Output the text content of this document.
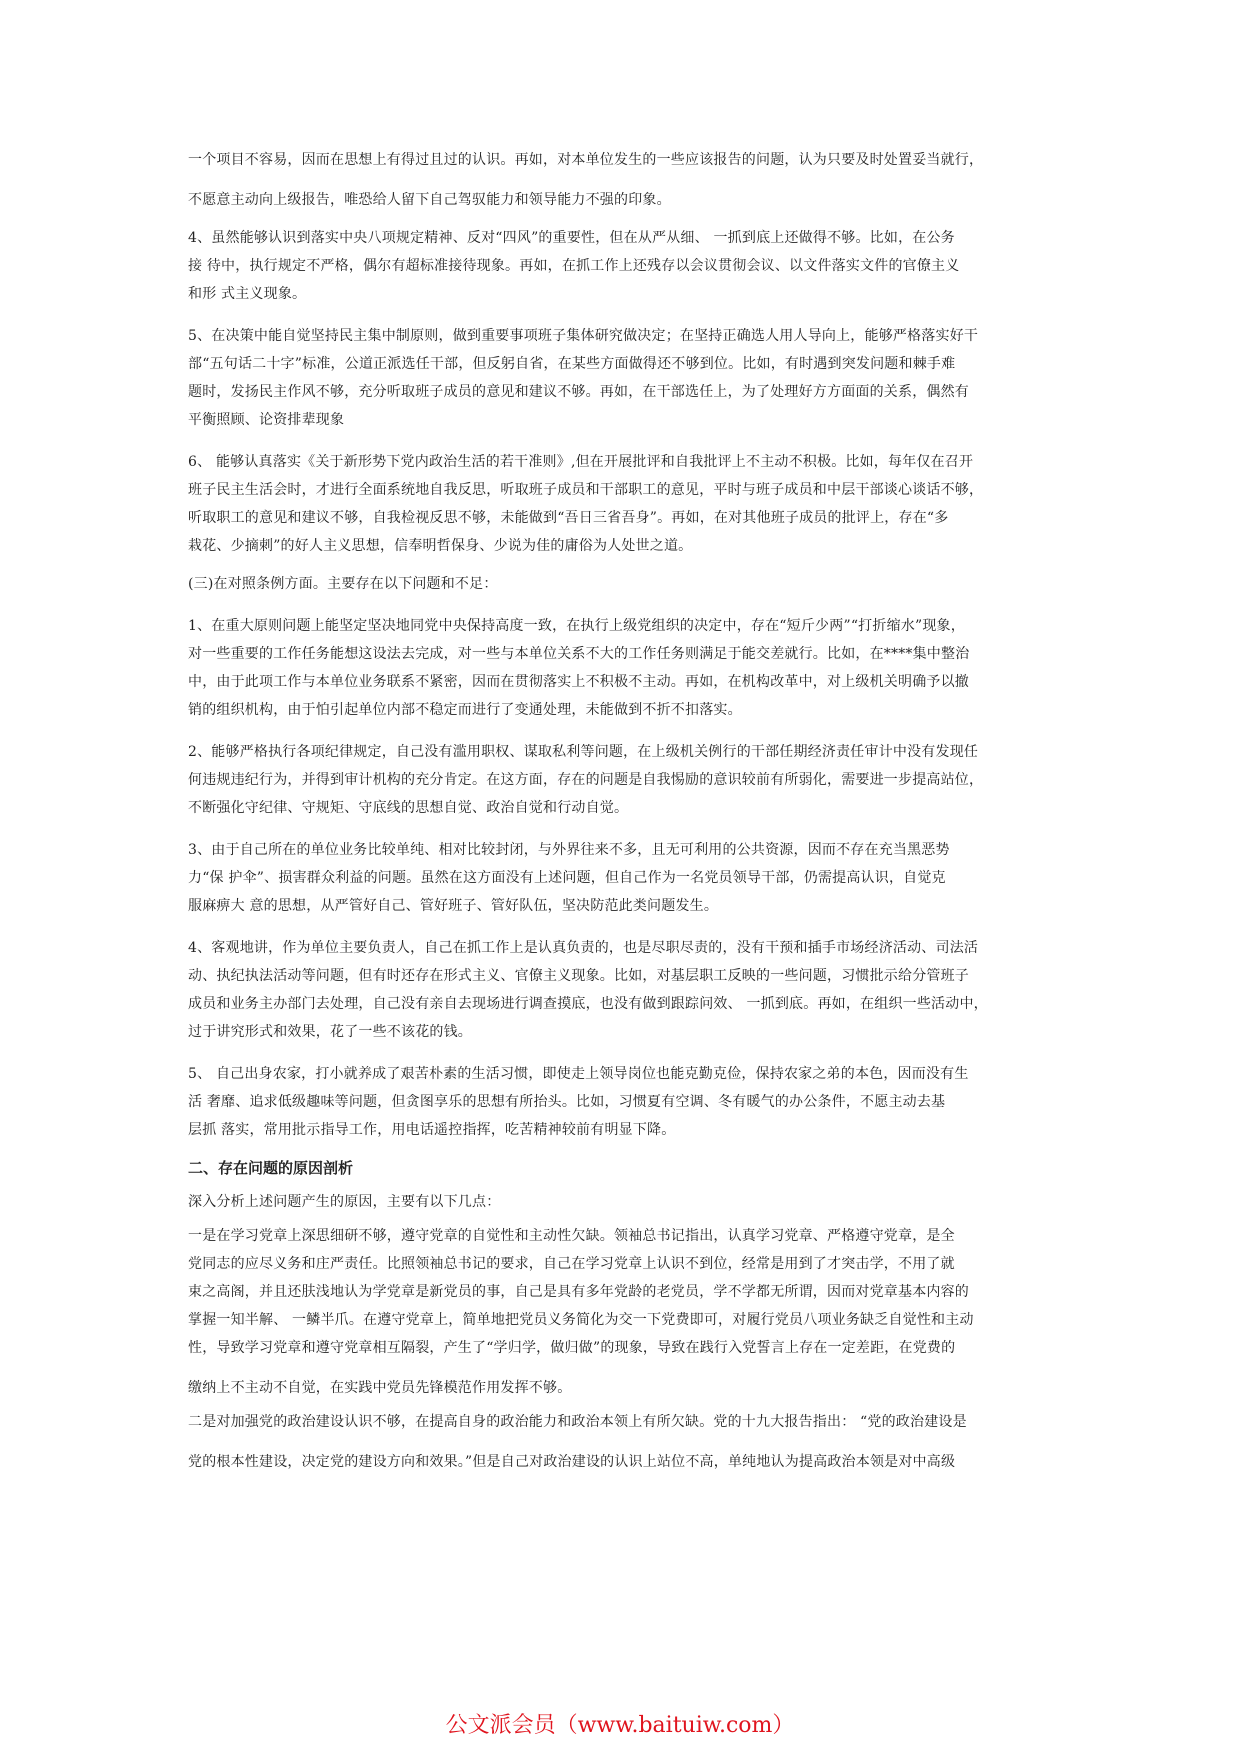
一个项目不容易，因而在思想上有得过且过的认识。再如，对本单位发生的一些应该报告的问题，认为只要及时处置妥当就行，
不愿意主动向上级报告，唯恐给人留下自己驾驭能力和领导能力不强的印象。
4、虽然能够认识到落实中央八项规定精神、反对“四风”的重要性，但在从严从细、 一抓到底上还做得不够。比如，在公务
接 待中，执行规定不严格，偶尔有超标准接待现象。再如，在抓工作上还残存以会议贯彻会议、以文件落实文件的官僚主义
和形 式主义现象。
5、在决策中能自觉坚持民主集中制原则，做到重要事项班子集体研究做决定；在坚持正确选人用人导向上，能够严格落实好干
部“五句话二十字”标准，公道正派选任干部，但反躬自省，在某些方面做得还不够到位。比如，有时遇到突发问题和棘手难
题时，发扬民主作风不够，充分听取班子成员的意见和建议不够。再如，在干部选任上，为了处理好方方面面的关系，偶然有
平衡照顾、论资排辈现象
6、 能够认真落实《关于新形势下党内政治生活的若干准则》,但在开展批评和自我批评上不主动不积极。比如，每年仅在召开
班子民主生活会时，才进行全面系统地自我反思，听取班子成员和干部职工的意见，平时与班子成员和中层干部谈心谈话不够，
听取职工的意见和建议不够，自我检视反思不够，未能做到“吾日三省吾身”。再如，在对其他班子成员的批评上，存在“多
栽花、少摘刺”的好人主义思想，信奉明哲保身、少说为佳的庸俗为人处世之道。
(三)在对照条例方面。主要存在以下问题和不足：
1、在重大原则问题上能坚定坚决地同党中央保持高度一致，在执行上级党组织的决定中，存在“短斤少两”“打折缩水”现象，
对一些重要的工作任务能想这设法去完成，对一些与本单位关系不大的工作任务则满足于能交差就行。比如，在****集中整治
中，由于此项工作与本单位业务联系不紧密，因而在贯彻落实上不积极不主动。再如，在机构改革中，对上级机关明确予以撤
销的组织机构，由于怕引起单位内部不稳定而进行了变通处理，未能做到不折不扣落实。
2、能够严格执行各项纪律规定，自己没有滥用职权、谋取私利等问题，在上级机关例行的干部任期经济责任审计中没有发现任
何违规违纪行为，并得到审计机构的充分肯定。在这方面，存在的问题是自我惕励的意识较前有所弱化，需要进一步提高站位，
不断强化守纪律、守规矩、守底线的思想自觉、政治自觉和行动自觉。
3、由于自己所在的单位业务比较单纯、相对比较封闭，与外界往来不多，且无可利用的公共资源，因而不存在充当黑恶势
力“保 护伞”、损害群众利益的问题。虽然在这方面没有上述问题，但自己作为一名党员领导干部，仍需提高认识，自觉克
服麻痹大 意的思想，从严管好自己、管好班子、管好队伍，坚决防范此类问题发生。
4、客观地讲，作为单位主要负责人，自己在抓工作上是认真负责的，也是尽职尽责的，没有干预和插手市场经济活动、司法活
动、执纪执法活动等问题，但有时还存在形式主义、官僚主义现象。比如，对基层职工反映的一些问题，习惯批示给分管班子
成员和业务主办部门去处理，自己没有亲自去现场进行调查摸底，也没有做到跟踪问效、 一抓到底。再如，在组织一些活动中，
过于讲究形式和效果，花了一些不该花的钱。
5、 自己出身农家，打小就养成了艰苦朴素的生活习惯，即使走上领导岗位也能克勤克俭，保持农家之弟的本色，因而没有生
活 奢靡、追求低级趣味等问题，但贪图享乐的思想有所抬头。比如，习惯夏有空调、冬有暖气的办公条件，不愿主动去基
层抓 落实，常用批示指导工作，用电话遥控指挥，吃苦精神较前有明显下降。
二、存在问题的原因剖析
深入分析上述问题产生的原因，主要有以下几点：
一是在学习党章上深思细研不够，遵守党章的自觉性和主动性欠缺。领袖总书记指出，认真学习党章、严格遵守党章，是全
党同志的应尽义务和庄严责任。比照领袖总书记的要求，自己在学习党章上认识不到位，经常是用到了才突击学，不用了就
束之高阁，并且还肤浅地认为学党章是新党员的事，自己是具有多年党龄的老党员，学不学都无所谓，因而对党章基本内容的
掌握一知半解、 一鳞半爪。在遵守党章上，简单地把党员义务简化为交一下党费即可，对履行党员八项业务缺乏自觉性和主动
性，导致学习党章和遵守党章相互隔裂，产生了“学归学，做归做”的现象，导致在践行入党誓言上存在一定差距，在党费的
缴纳上不主动不自觉，在实践中党员先锋模范作用发挥不够。
二是对加强党的政治建设认识不够，在提高自身的政治能力和政治本领上有所欠缺。党的十九大报告指出： “党的政治建设是
党的根本性建设，决定党的建设方向和效果。”但是自己对政治建设的认识上站位不高，单纯地认为提高政治本领是对中高级
公文派会员（www.baituiw.com）
